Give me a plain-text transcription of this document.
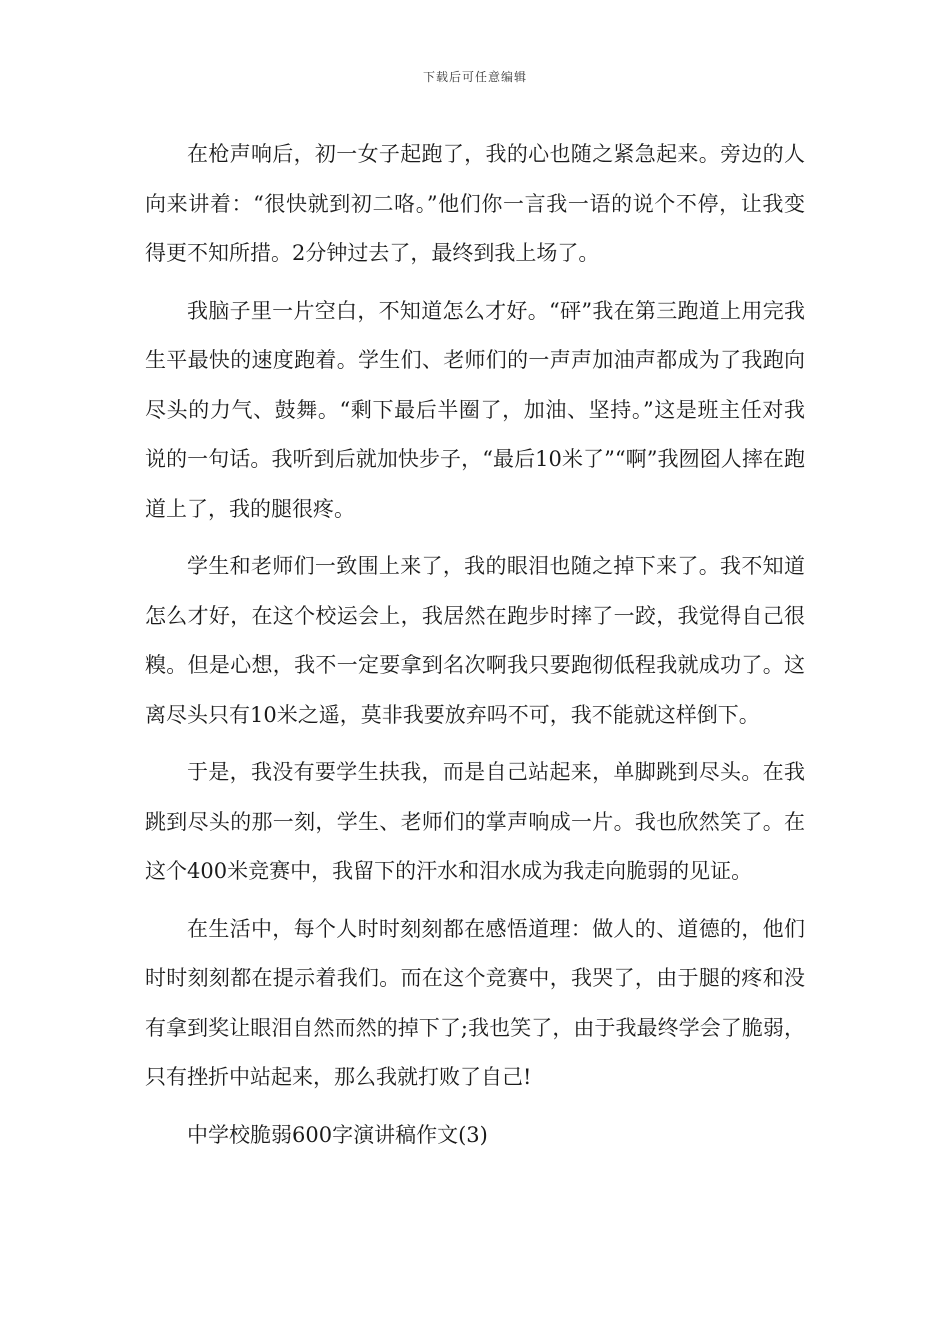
下载后可任意编辑

在枪声响后，初一女子起跑了，我的心也随之紧急起来。旁边的人向来讲着：“很快就到初二咯。”他们你一言我一语的说个不停，让我变得更不知所措。2分钟过去了，最终到我上场了。

我脑子里一片空白，不知道怎么才好。“砰”我在第三跑道上用完我生平最快的速度跑着。学生们、老师们的一声声加油声都成为了我跑向尽头的力气、鼓舞。“剩下最后半圈了，加油、坚持。”这是班主任对我说的一句话。我听到后就加快步子，“最后10米了”“啊”我囫囵人摔在跑道上了，我的腿很疼。

学生和老师们一致围上来了，我的眼泪也随之掉下来了。我不知道怎么才好，在这个校运会上，我居然在跑步时摔了一跤，我觉得自己很糗。但是心想，我不一定要拿到名次啊我只要跑彻低程我就成功了。这离尽头只有10米之遥，莫非我要放弃吗不可，我不能就这样倒下。

于是，我没有要学生扶我，而是自己站起来，单脚跳到尽头。在我跳到尽头的那一刻，学生、老师们的掌声响成一片。我也欣然笑了。在这个400米竞赛中，我留下的汗水和泪水成为我走向脆弱的见证。

在生活中，每个人时时刻刻都在感悟道理：做人的、道德的，他们时时刻刻都在提示着我们。而在这个竞赛中，我哭了，由于腿的疼和没有拿到奖让眼泪自然而然的掉下了;我也笑了，由于我最终学会了脆弱，只有挫折中站起来，那么我就打败了自己!

中学校脆弱600字演讲稿作文(3)
